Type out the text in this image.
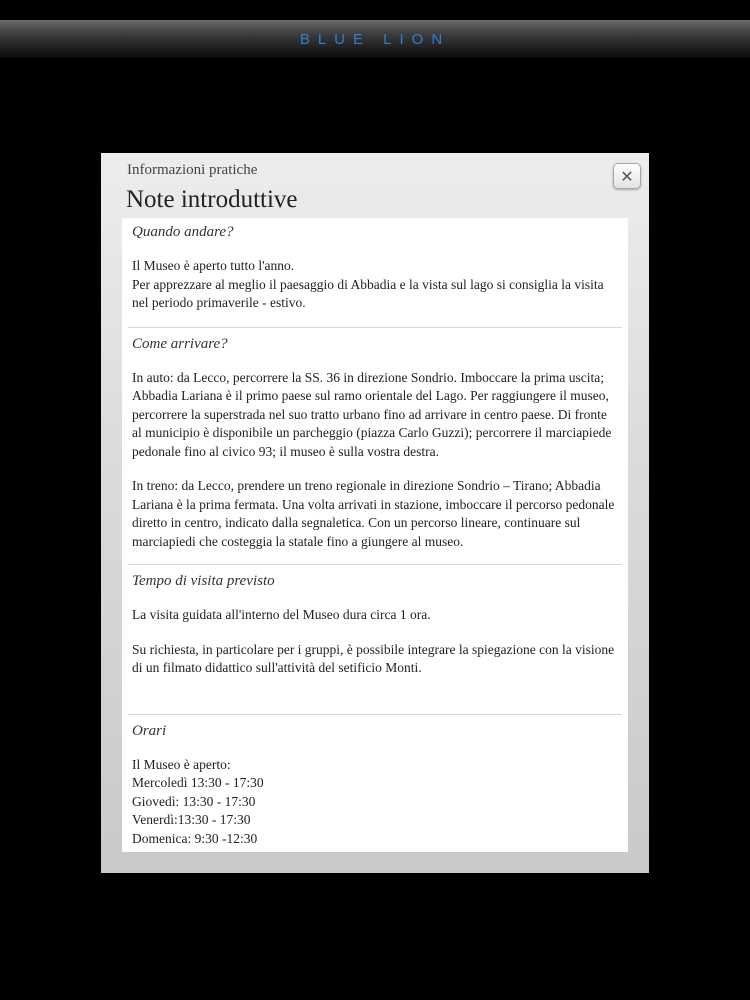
BLUE LION
Informazioni pratiche
Note introduttive
✕

Quando andare?

Il Museo è aperto tutto l'anno.
Per apprezzare al meglio il paesaggio di Abbadia e la vista sul lago si consiglia la visita nel periodo primaverile - estivo.

Come arrivare?

In auto: da Lecco, percorrere la SS. 36 in direzione Sondrio. Imboccare la prima uscita; Abbadia Lariana è il primo paese sul ramo orientale del Lago. Per raggiungere il museo, percorrere la superstrada nel suo tratto urbano fino ad arrivare in centro paese. Di fronte al municipio è disponibile un parcheggio (piazza Carlo Guzzi); percorrere il marciapiede pedonale fino al civico 93; il museo è sulla vostra destra.

In treno: da Lecco, prendere un treno regionale in direzione Sondrio – Tirano; Abbadia Lariana è la prima fermata. Una volta arrivati in stazione, imboccare il percorso pedonale diretto in centro, indicato dalla segnaletica. Con un percorso lineare, continuare sul marciapiedi che costeggia la statale fino a giungere al museo.

Tempo di visita previsto

La visita guidata all'interno del Museo dura circa 1 ora.

Su richiesta, in particolare per i gruppi, è possibile integrare la spiegazione con la visione di un filmato didattico sull'attività del setificio Monti.

Orari

Il Museo è aperto:
Mercoledì 13:30 - 17:30
Giovedì: 13:30 - 17:30
Venerdì:13:30 - 17:30
Domenica: 9:30 -12:30
